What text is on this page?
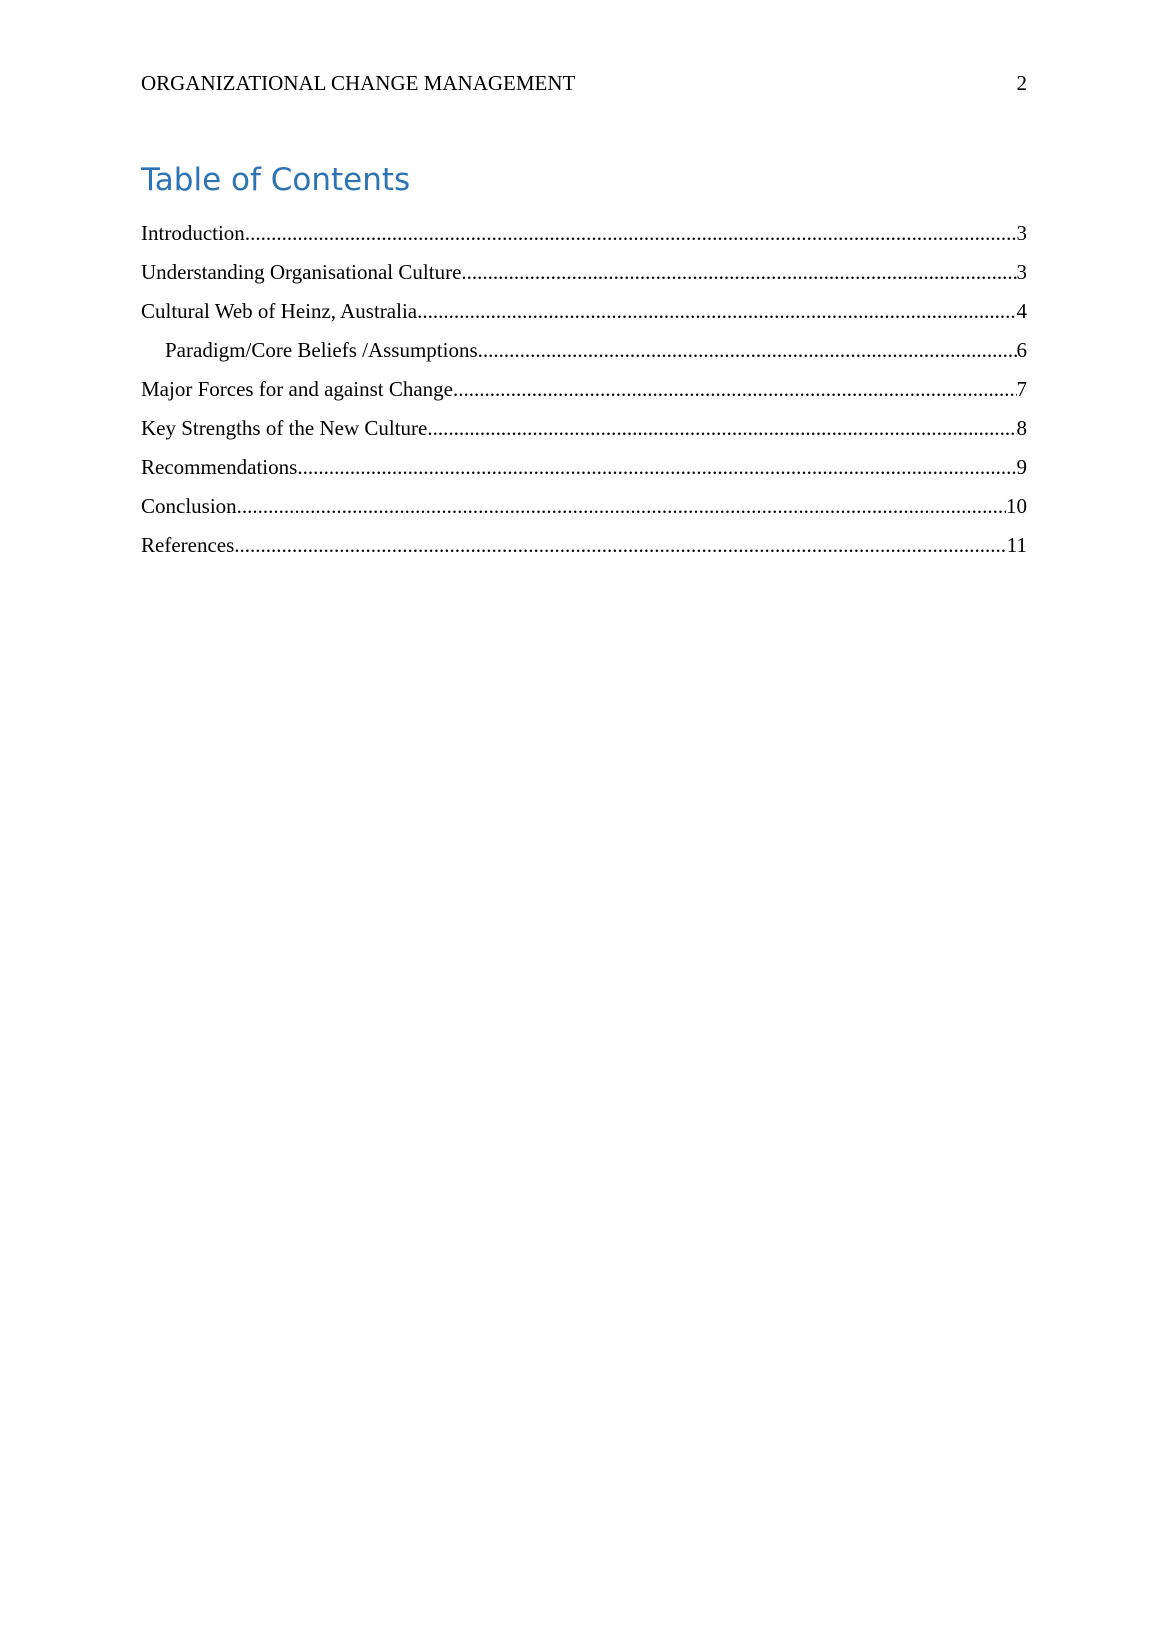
ORGANIZATIONAL CHANGE MANAGEMENT	2
Table of Contents
Introduction .....	3
Understanding Organisational Culture .....	3
Cultural Web of Heinz, Australia .....	4
Paradigm/Core Beliefs /Assumptions .....	6
Major Forces for and against Change .....	7
Key Strengths of the New Culture .....	8
Recommendations .....	9
Conclusion .....	10
References .....	11
